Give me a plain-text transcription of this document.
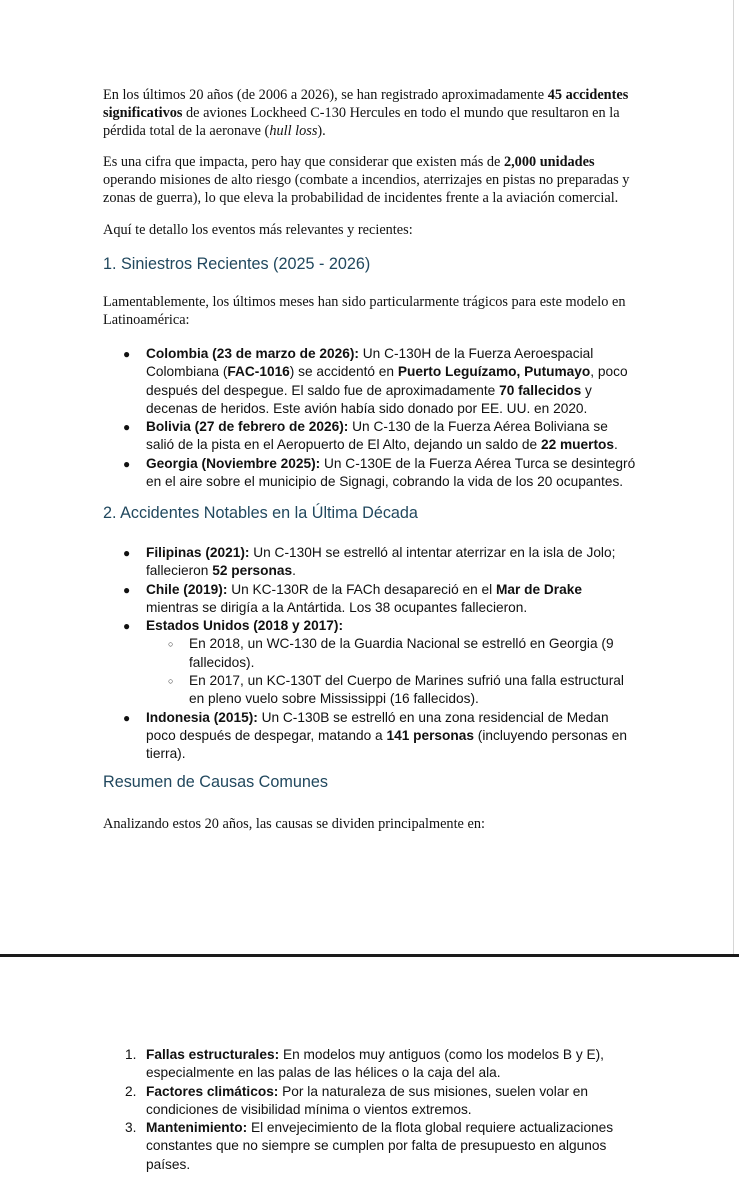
En los últimos 20 años (de 2006 a 2026), se han registrado aproximadamente 45 accidentes significativos de aviones Lockheed C-130 Hercules en todo el mundo que resultaron en la pérdida total de la aeronave (hull loss).

Es una cifra que impacta, pero hay que considerar que existen más de 2,000 unidades operando misiones de alto riesgo (combate a incendios, aterrizajes en pistas no preparadas y zonas de guerra), lo que eleva la probabilidad de incidentes frente a la aviación comercial.

Aquí te detallo los eventos más relevantes y recientes:

1. Siniestros Recientes (2025 - 2026)

Lamentablemente, los últimos meses han sido particularmente trágicos para este modelo en Latinoamérica:

● Colombia (23 de marzo de 2026): Un C-130H de la Fuerza Aeroespacial Colombiana (FAC-1016) se accidentó en Puerto Leguízamo, Putumayo, poco después del despegue. El saldo fue de aproximadamente 70 fallecidos y decenas de heridos. Este avión había sido donado por EE. UU. en 2020.
● Bolivia (27 de febrero de 2026): Un C-130 de la Fuerza Aérea Boliviana se salió de la pista en el Aeropuerto de El Alto, dejando un saldo de 22 muertos.
● Georgia (Noviembre 2025): Un C-130E de la Fuerza Aérea Turca se desintegró en el aire sobre el municipio de Signagi, cobrando la vida de los 20 ocupantes.
2. Accidentes Notables en la Última Década
● Filipinas (2021): Un C-130H se estrelló al intentar aterrizar en la isla de Jolo; fallecieron 52 personas.
● Chile (2019): Un KC-130R de la FACh desapareció en el Mar de Drake mientras se dirigía a la Antártida. Los 38 ocupantes fallecieron.
● Estados Unidos (2018 y 2017):
○ En 2018, un WC-130 de la Guardia Nacional se estrelló en Georgia (9 fallecidos).
○ En 2017, un KC-130T del Cuerpo de Marines sufrió una falla estructural en pleno vuelo sobre Mississippi (16 fallecidos).
● Indonesia (2015): Un C-130B se estrelló en una zona residencial de Medan poco después de despegar, matando a 141 personas (incluyendo personas en tierra).
Resumen de Causas Comunes

Analizando estos 20 años, las causas se dividen principalmente en:

1. Fallas estructurales: En modelos muy antiguos (como los modelos B y E), especialmente en las palas de las hélices o la caja del ala.
2. Factores climáticos: Por la naturaleza de sus misiones, suelen volar en condiciones de visibilidad mínima o vientos extremos.
3. Mantenimiento: El envejecimiento de la flota global requiere actualizaciones constantes que no siempre se cumplen por falta de presupuesto en algunos países.
